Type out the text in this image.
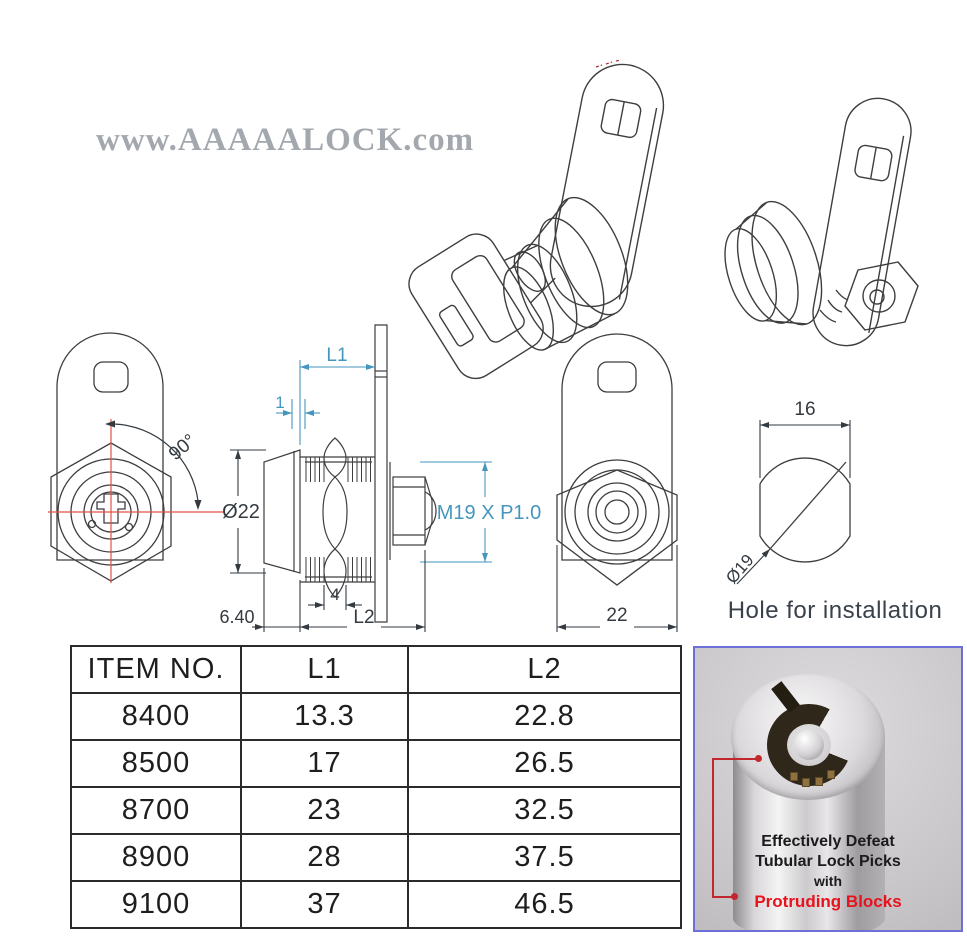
www.AAAAALOCK.com
90°
L1
1
M19 X P1.0
Ø22
4
L2
6.40	22
Ø19
16
Hole for installation
ITEM NO.	L1	L2
8400	13.3	22.8
8500	17	26.5
8700	23	32.5
8900	28	37.5
9100	37	46.5
Effectively Defeat
Tubular Lock Picks
with
Protruding Blocks
